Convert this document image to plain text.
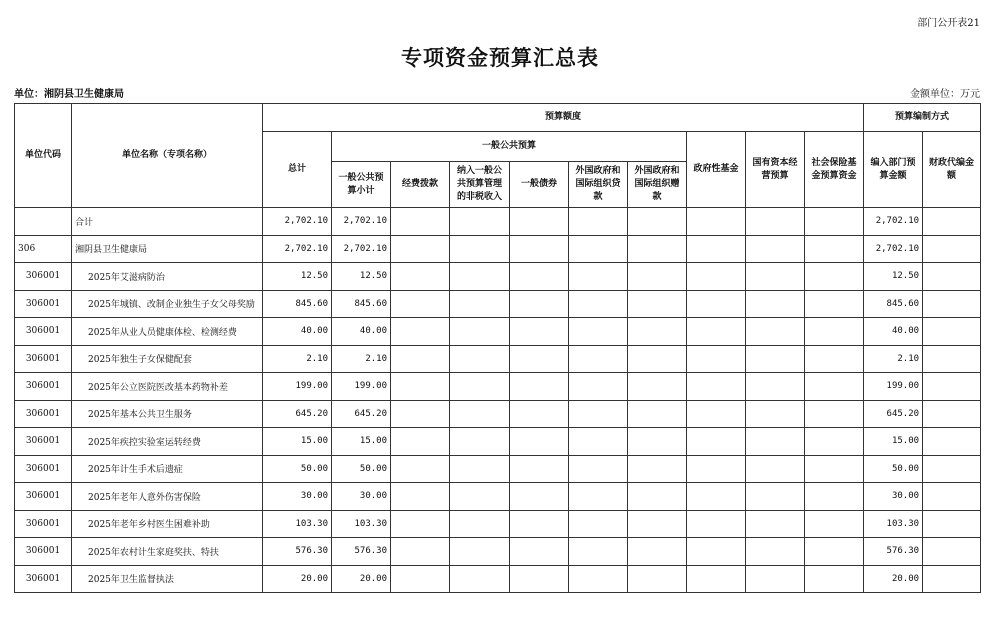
部门公开表21
专项资金预算汇总表
单位：湘阴县卫生健康局	金额单位：万元
单位代码	单位名称（专项名称）	预算额度										预算编制方式	
		总计	一般公共预算						政府性基金	国有资本经营预算	社会保险基金预算资金	编入部门预算金额	财政代编金额
			一般公共预算小计	经费拨款	纳入一般公共预算管理的非税收入	一般债券	外国政府和国际组织贷款	外国政府和国际组织赠款					
	合计	2,702.10	2,702.10									2,702.10	
306	湘阴县卫生健康局	2,702.10	2,702.10									2,702.10	
306001	2025年艾滋病防治	12.50	12.50									12.50	
306001	2025年城镇、改制企业独生子女父母奖励	845.60	845.60									845.60	
306001	2025年从业人员健康体检、检测经费	40.00	40.00									40.00	
306001	2025年独生子女保健配套	2.10	2.10									2.10	
306001	2025年公立医院医改基本药物补差	199.00	199.00									199.00	
306001	2025年基本公共卫生服务	645.20	645.20									645.20	
306001	2025年疾控实验室运转经费	15.00	15.00									15.00	
306001	2025年计生手术后遗症	50.00	50.00									50.00	
306001	2025年老年人意外伤害保险	30.00	30.00									30.00	
306001	2025年老年乡村医生困难补助	103.30	103.30									103.30	
306001	2025年农村计生家庭奖扶、特扶	576.30	576.30									576.30	
306001	2025年卫生监督执法	20.00	20.00									20.00	
